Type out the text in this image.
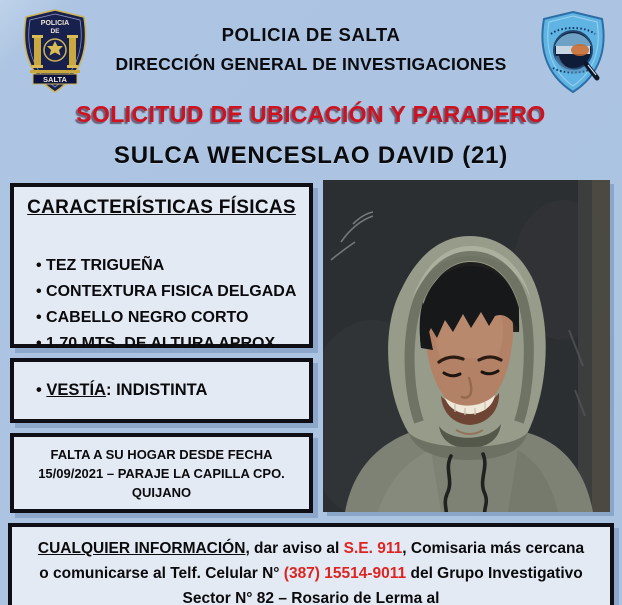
POLICIA
DE
SALTA
POLICIA DE SALTA
DIRECCIÓN GENERAL DE INVESTIGACIONES
SOLICITUD DE UBICACIÓN Y PARADERO
SULCA WENCESLAO DAVID (21)
CARACTERÍSTICAS FÍSICAS
• TEZ TRIGUEÑA
• CONTEXTURA FISICA DELGADA
• CABELLO NEGRO CORTO
• 1.70 MTS. DE ALTURA APROX.
• VESTÍA: INDISTINTA
FALTA A SU HOGAR DESDE FECHA
15/09/2021 – PARAJE LA CAPILLA CPO.
QUIJANO
CUALQUIER INFORMACIÓN, dar aviso al S.E. 911, Comisaria más cercana o comunicarse al Telf. Celular N° (387) 15514-9011 del Grupo Investigativo Sector N° 82 – Rosario de Lerma al
